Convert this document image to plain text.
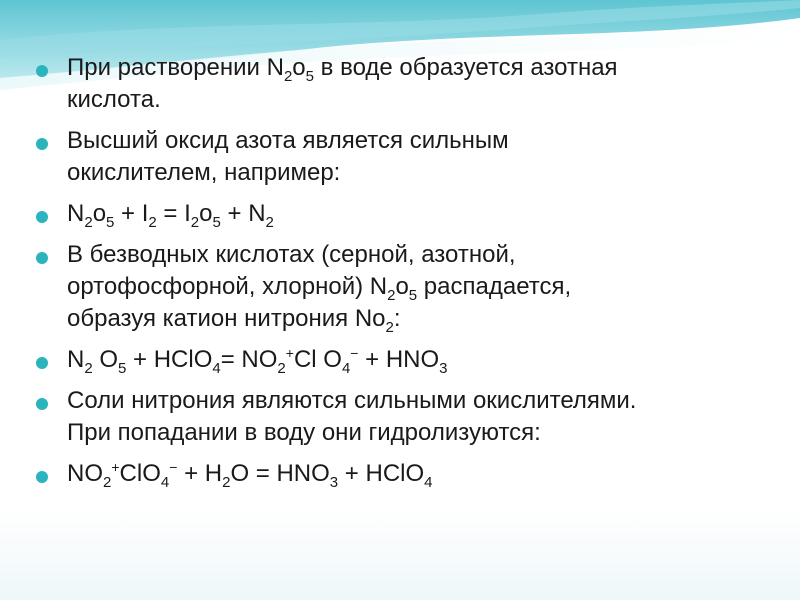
При растворении $N_2o_5$ в воде образуется азотная
кислота.
Высший оксид азота является сильным
окислителем, например:
$N_2o_5 + I_2 = I_2o_5 + N_2$
В безводных кислотах (серной, азотной,
ортофосфорной, хлорной) $N_2o_5$ распадается,
образуя катион нитрония $No_2$:
$N_2$ $O_5$ + HClO$_4$= $NO_2^+Cl$ $O_4^- + HNO_3$
Соли нитрония являются сильными окислителями.
При попадании в воду они гидролизуются:
$NO_2^+ClO_4^- + H_2O = HNO_3$ + HClO$_4$
